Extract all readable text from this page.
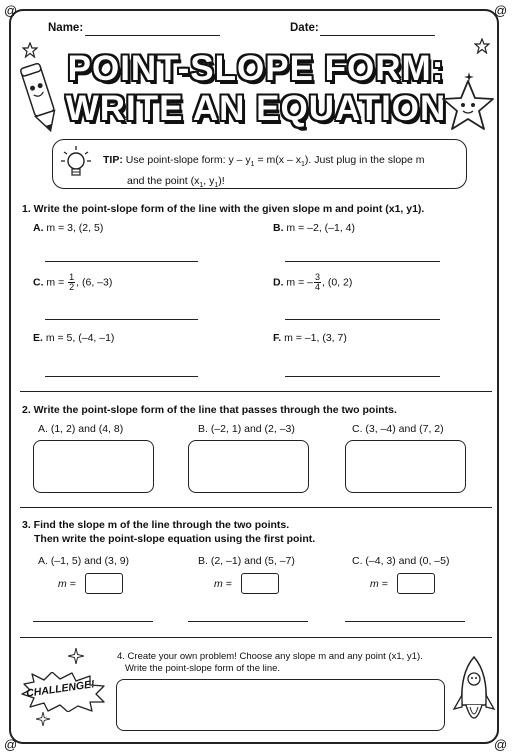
@	@
@	@
Name:	Date:
POINT-SLOPE FORM:
WRITE AN EQUATION
TIP: Use point-slope form: $y - y_1 = m(x - x_1)$. Just plug in the slope m
and the point ($x_1$, $y_1$)!
1. Write the point-slope form of the line with the given slope m and point (x1, y1).
A. m = 3, (2, 5)	B. m = –2, (–1, 4)
C. $m = \frac{1}{2}$ , (6, –3)	D. m = – $\frac{3}{4}$ , (0, 2)
E. m = 5, (–4, –1)	F. m = –1, (3, 7)
2. Write the point-slope form of the line that passes through the two points.
A. (1, 2) and (4, 8)	B. (–2, 1) and (2, –3)	C. (3, –4) and (7, 2)
3. Find the slope m of the line through the two points.
Then write the point-slope equation using the first point.
A. (–1, 5) and (3, 9)	B. (2, –1) and (5, –7)	C. (–4, 3) and (0, –5)
m =	m =	m =
CHALLENGE!
4. Create your own problem! Choose any slope m and any point (x1, y1).
Write the point-slope form of the line.
